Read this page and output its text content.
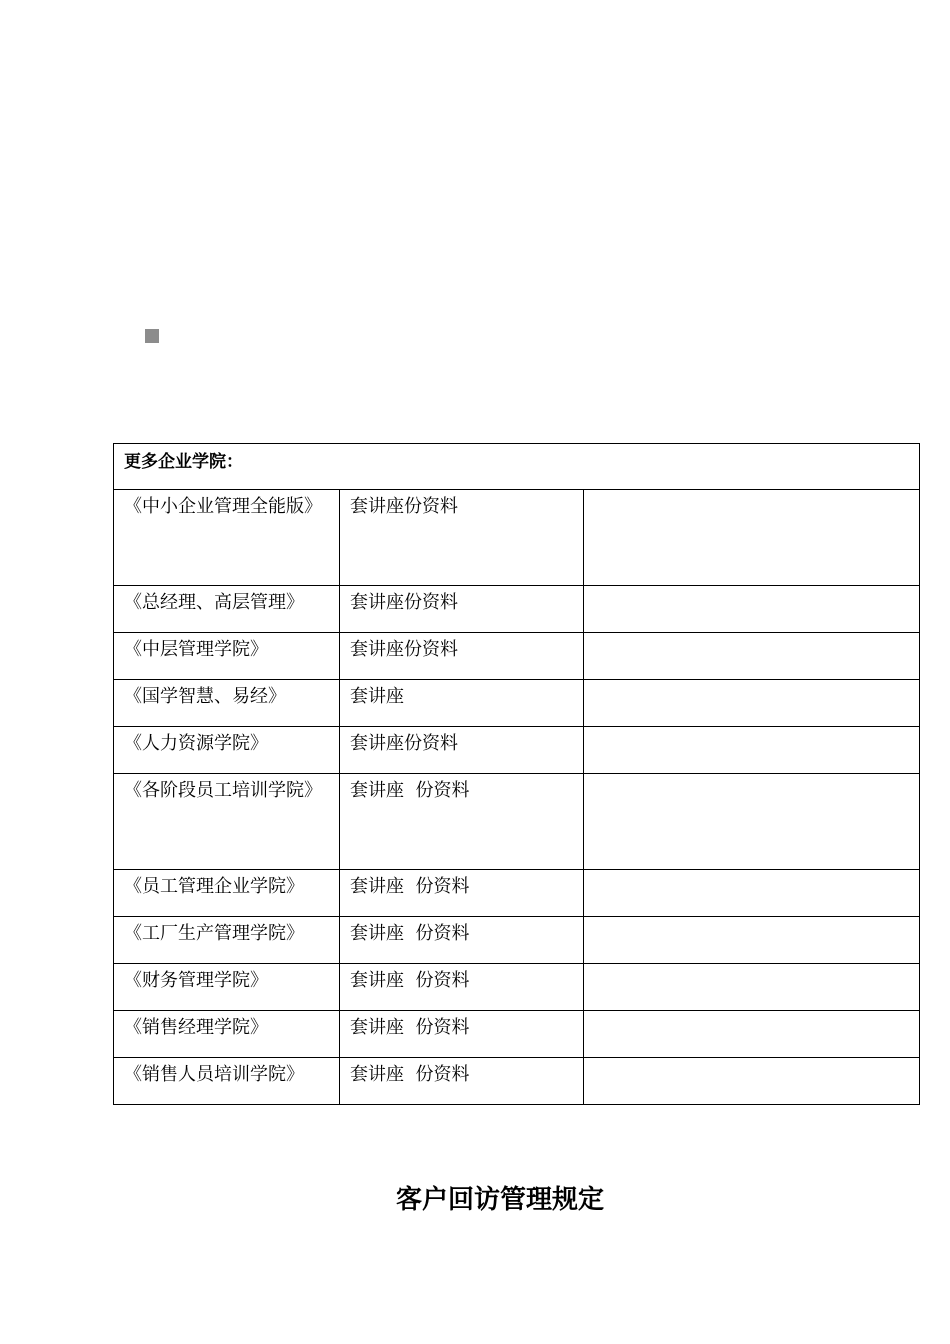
更多企业学院：		

《中小企业管理全能版》	套讲座份资料	
《总经理、高层管理》	套讲座份资料	
《中层管理学院》	套讲座份资料	
《国学智慧、易经》	套讲座	
《人力资源学院》	套讲座份资料	

《各阶段员工培训学院》	套讲座  份资料	
《员工管理企业学院》	套讲座  份资料	
《工厂生产管理学院》	套讲座  份资料	
《财务管理学院》	套讲座  份资料	
《销售经理学院》	套讲座  份资料	
《销售人员培训学院》	套讲座  份资料	
客户回访管理规定
